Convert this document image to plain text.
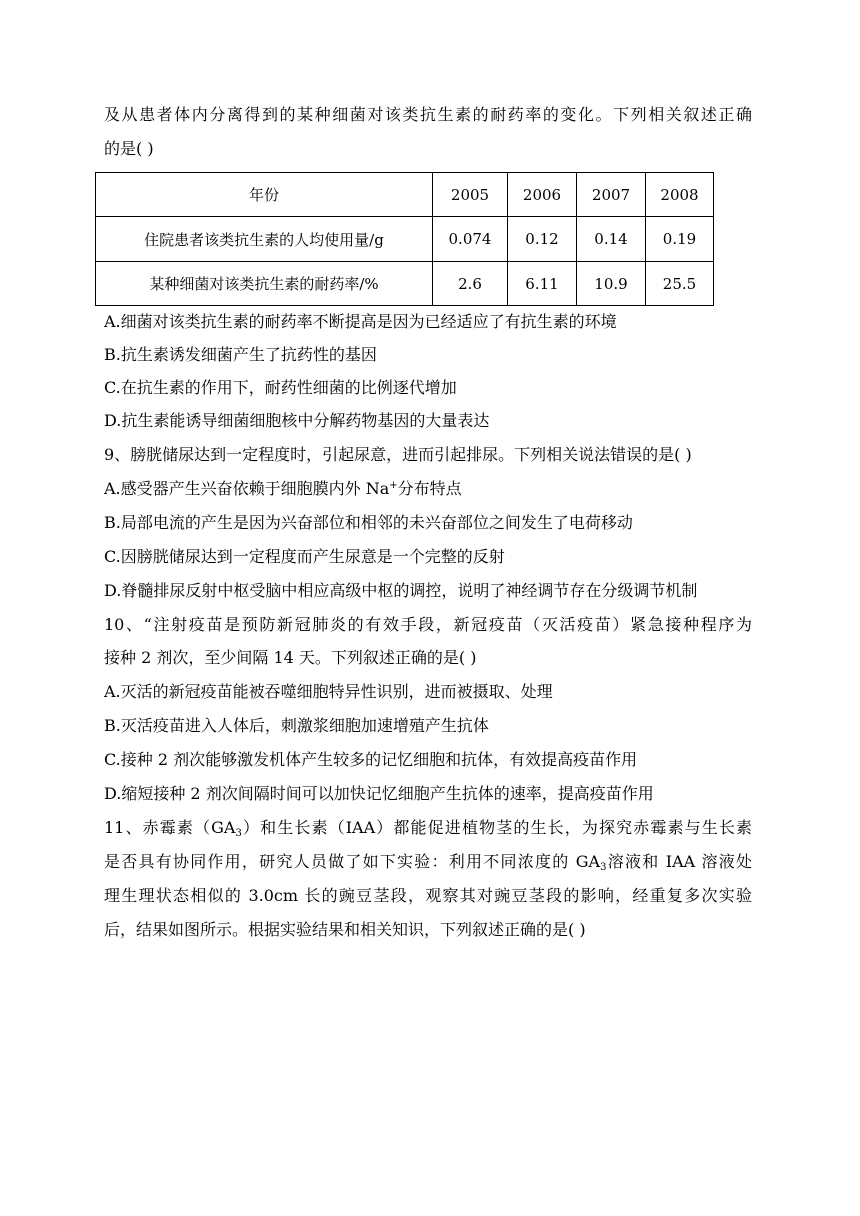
及从患者体内分离得到的某种细菌对该类抗生素的耐药率的变化。下列相关叙述正确
的是( )
年份	2005	2006	2007	2008
住院患者该类抗生素的人均使用量/g	0.074	0.12	0.14	0.19
某种细菌对该类抗生素的耐药率/%	2.6	6.11	10.9	25.5
A.细菌对该类抗生素的耐药率不断提高是因为已经适应了有抗生素的环境
B.抗生素诱发细菌产生了抗药性的基因
C.在抗生素的作用下，耐药性细菌的比例逐代增加
D.抗生素能诱导细菌细胞核中分解药物基因的大量表达
9、膀胱储尿达到一定程度时，引起尿意，进而引起排尿。下列相关说法错误的是( )
A.感受器产生兴奋依赖于细胞膜内外 Na+分布特点
B.局部电流的产生是因为兴奋部位和相邻的未兴奋部位之间发生了电荷移动
C.因膀胱储尿达到一定程度而产生尿意是一个完整的反射
D.脊髓排尿反射中枢受脑中相应高级中枢的调控，说明了神经调节存在分级调节机制
10、“注射疫苗是预防新冠肺炎的有效手段，新冠疫苗（灭活疫苗）紧急接种程序为
接种 2 剂次，至少间隔 14 天。下列叙述正确的是( )
A.灭活的新冠疫苗能被吞噬细胞特异性识别，进而被摄取、处理
B.灭活疫苗进入人体后，刺激浆细胞加速增殖产生抗体
C.接种 2 剂次能够激发机体产生较多的记忆细胞和抗体，有效提高疫苗作用
D.缩短接种 2 剂次间隔时间可以加快记忆细胞产生抗体的速率，提高疫苗作用
11、赤霉素$(GA_3)$和生长素（IAA）都能促进植物茎的生长，为探究赤霉素与生长素
是否具有协同作用，研究人员做了如下实验：利用不同浓度的 $GA_3$溶液和 IAA 溶液处
理生理状态相似的 3.0cm 长的豌豆茎段，观察其对豌豆茎段的影响，经重复多次实验
后，结果如图所示。根据实验结果和相关知识，下列叙述正确的是( )
